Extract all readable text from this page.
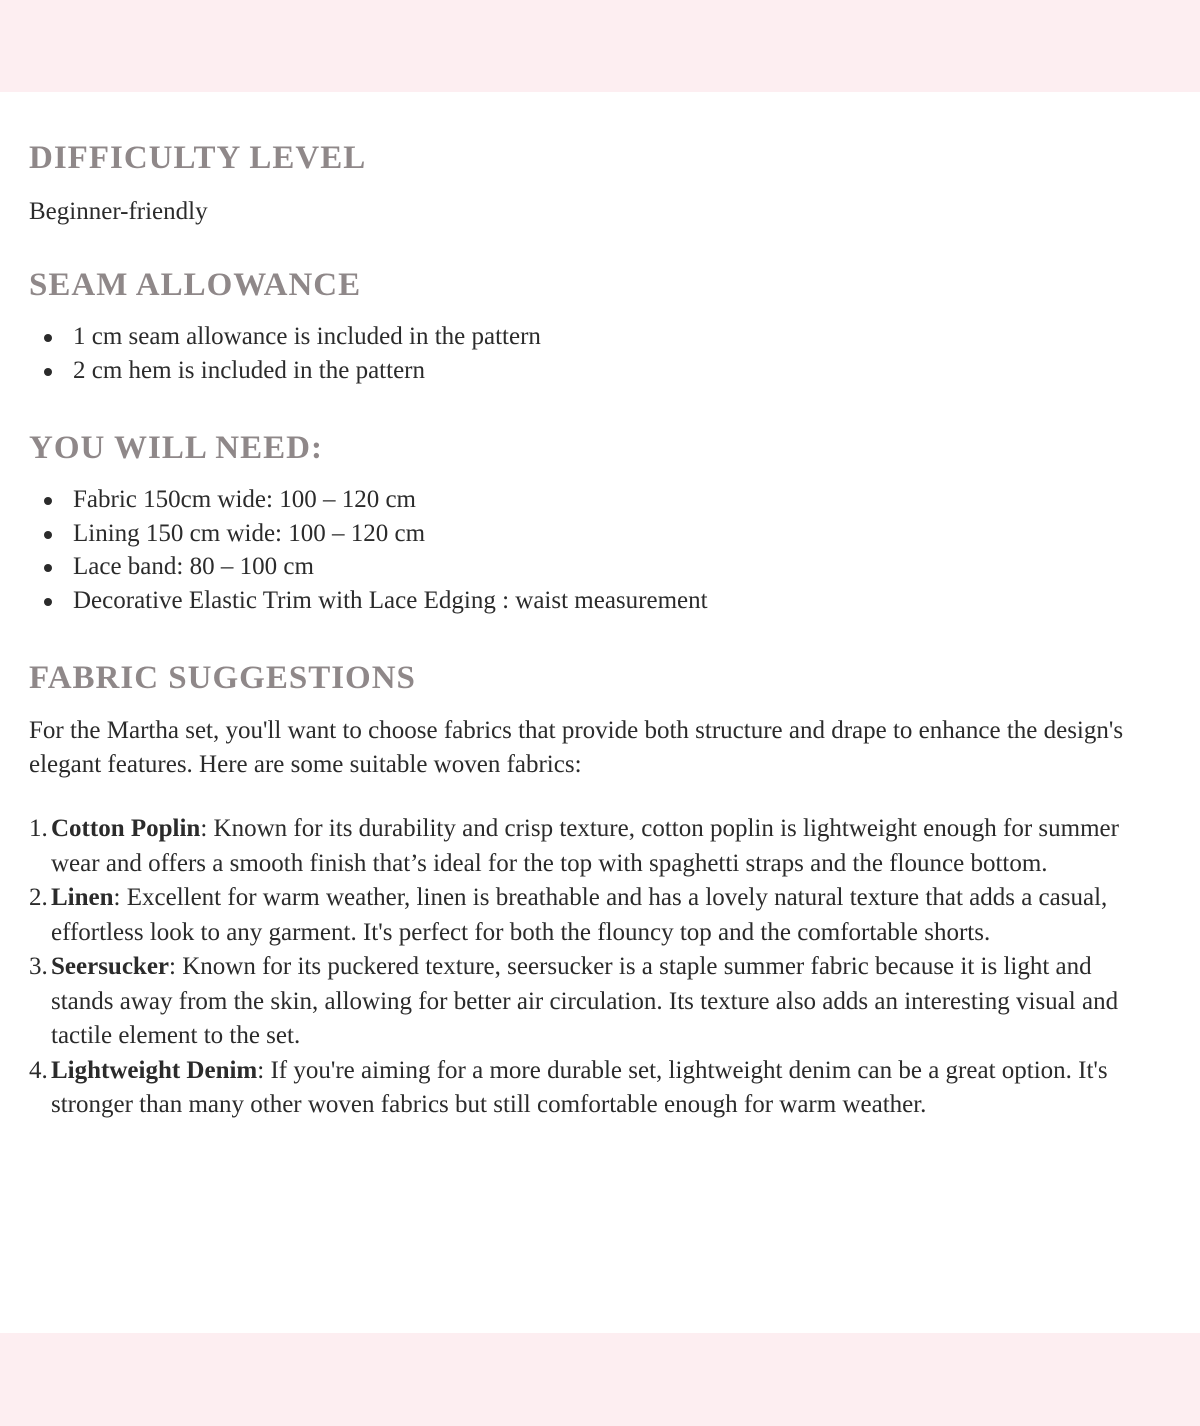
DIFFICULTY LEVEL

Beginner-friendly

SEAM ALLOWANCE
1 cm seam allowance is included in the pattern
2 cm hem is included in the pattern
YOU WILL NEED:
Fabric 150cm wide: 100 – 120 cm
Lining 150 cm wide: 100 – 120 cm
Lace band: 80 – 100 cm
Decorative Elastic Trim with Lace Edging : waist measurement
FABRIC SUGGESTIONS

For the Martha set, you'll want to choose fabrics that provide both structure and drape to enhance the design's elegant features. Here are some suitable woven fabrics:

1. Cotton Poplin: Known for its durability and crisp texture, cotton poplin is lightweight enough for summer wear and offers a smooth finish that’s ideal for the top with spaghetti straps and the flounce bottom.
2. Linen: Excellent for warm weather, linen is breathable and has a lovely natural texture that adds a casual, effortless look to any garment. It's perfect for both the flouncy top and the comfortable shorts.
3. Seersucker: Known for its puckered texture, seersucker is a staple summer fabric because it is light and stands away from the skin, allowing for better air circulation. Its texture also adds an interesting visual and tactile element to the set.
4. Lightweight Denim: If you're aiming for a more durable set, lightweight denim can be a great option. It's stronger than many other woven fabrics but still comfortable enough for warm weather.
